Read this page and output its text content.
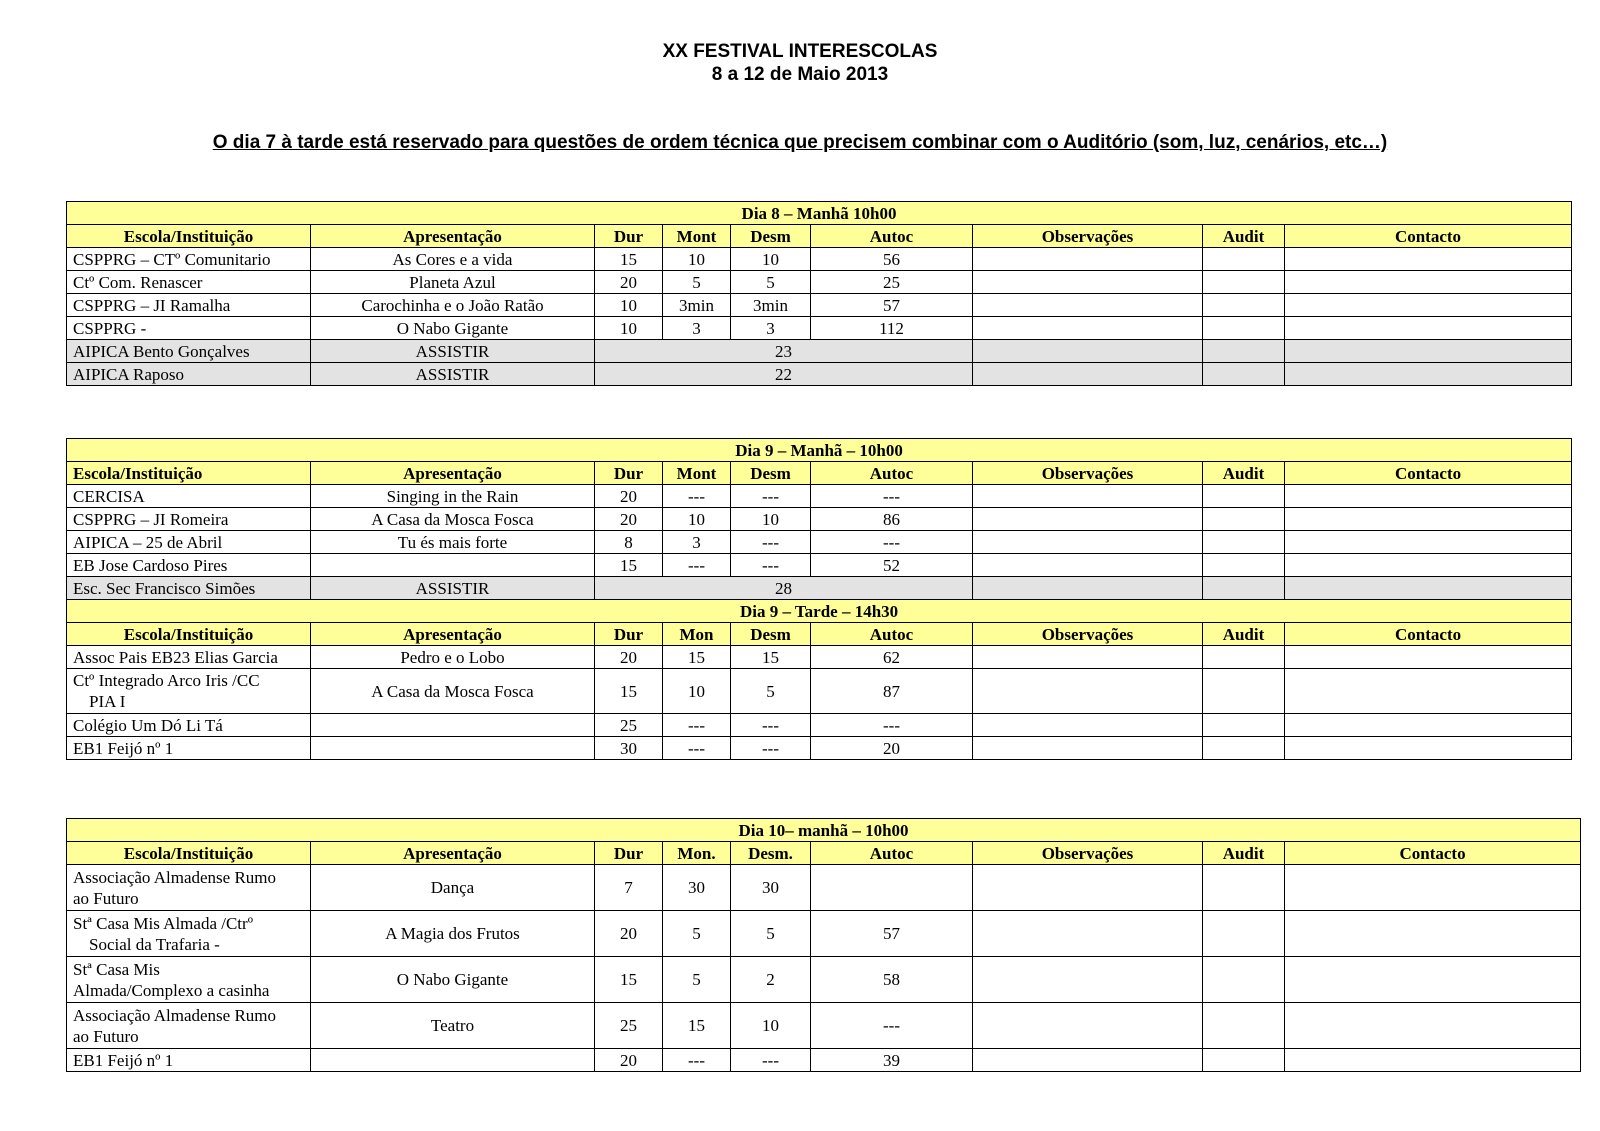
XX FESTIVAL INTERESCOLAS
8 a 12 de Maio 2013
O dia 7 à tarde está reservado para questões de ordem técnica que precisem combinar com o Auditório (som, luz, cenários, etc…)
Dia 8 – Manhã 10h00								
Escola/Instituição	Apresentação	Dur	Mont	Desm	Autoc	Observações	Audit	Contacto
CSPPRG – CTº Comunitario	As Cores e a vida	15	10	10	56			
Ctº Com. Renascer	Planeta Azul	20	5	5	25			
CSPPRG – JI Ramalha	Carochinha e o João Ratão	10	3min	3min	57			
CSPPRG -	O Nabo Gigante	10	3	3	112			
AIPICA Bento Gonçalves	ASSISTIR	23						
AIPICA Raposo	ASSISTIR	22						
Dia 9 – Manhã – 10h00								
Escola/Instituição	Apresentação	Dur	Mont	Desm	Autoc	Observações	Audit	Contacto
CERCISA	Singing in the Rain	20	---	---	---			
CSPPRG – JI Romeira	A Casa da Mosca Fosca	20	10	10	86			
AIPICA – 25 de Abril	Tu és mais forte	8	3	---	---			
EB Jose Cardoso Pires		15	---	---	52			
Esc. Sec Francisco Simões	ASSISTIR	28						
Dia 9 – Tarde – 14h30								
Escola/Instituição	Apresentação	Dur	Mon	Desm	Autoc	Observações	Audit	Contacto
Assoc Pais EB23 Elias Garcia	Pedro e o Lobo	20	15	15	62			

Ctº Integrado Arco Iris /CC
PIA I	A Casa da Mosca Fosca	15	10	5	87			
Colégio Um Dó Li Tá		25	---	---	---			
EB1 Feijó nº 1		30	---	---	20			
Dia 10– manhã – 10h00								
Escola/Instituição	Apresentação	Dur	Mon.	Desm.	Autoc	Observações	Audit	Contacto

Associação Almadense Rumo
ao Futuro	Dança	7	30	30				

Stª Casa Mis Almada /Ctrº
Social da Trafaria -	A Magia dos Frutos	20	5	5	57			

Stª Casa Mis
Almada/Complexo a casinha	O Nabo Gigante	15	5	2	58			

Associação Almadense Rumo
ao Futuro	Teatro	25	15	10	---			
EB1 Feijó nº 1		20	---	---	39			
